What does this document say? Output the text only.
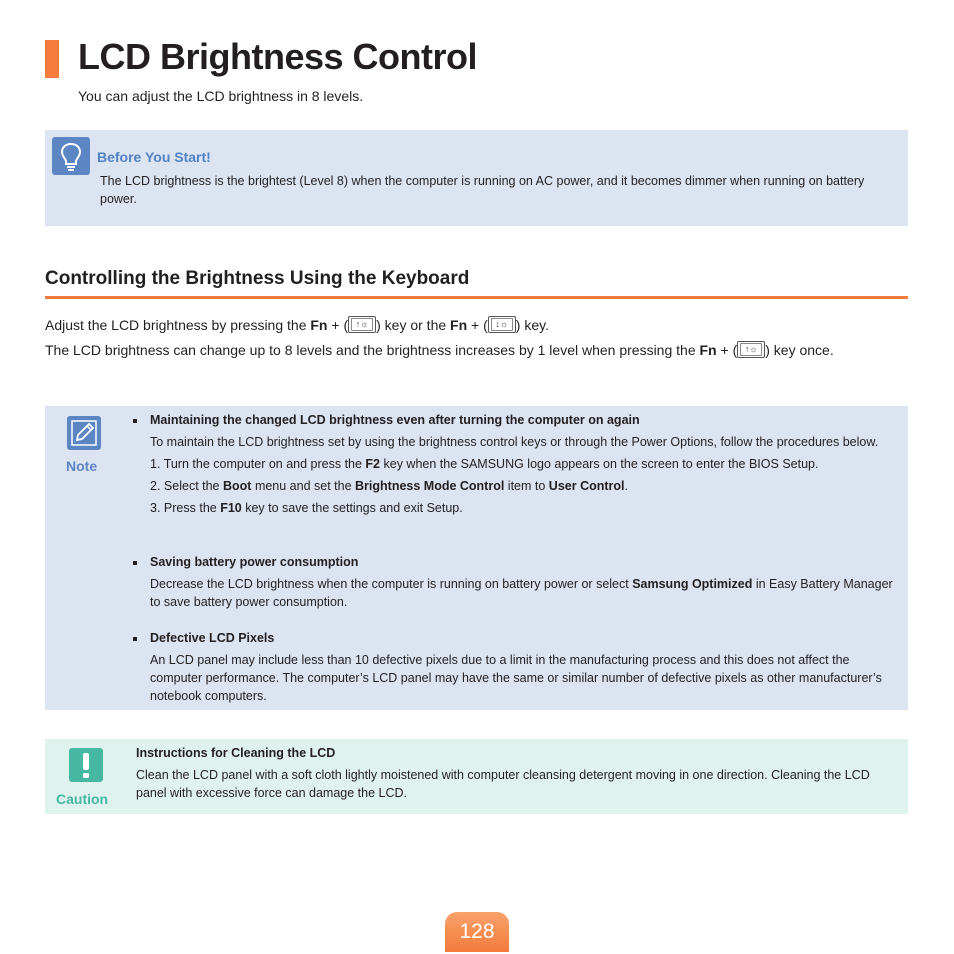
LCD Brightness Control
You can adjust the LCD brightness in 8 levels.
Before You Start!
The LCD brightness is the brightest (Level 8) when the computer is running on AC power, and it becomes dimmer when running on battery power.
Controlling the Brightness Using the Keyboard
Adjust the LCD brightness by pressing the Fn + ( ↑☼ ) key or the Fn + ( ↓☼ ) key.
The LCD brightness can change up to 8 levels and the brightness increases by 1 level when pressing the Fn + ( ↑☼ ) key once.
Note
Maintaining the changed LCD brightness even after turning the computer on again
To maintain the LCD brightness set by using the brightness control keys or through the Power Options, follow the procedures below.
1. Turn the computer on and press the F2 key when the SAMSUNG logo appears on the screen to enter the BIOS Setup.
2. Select the Boot menu and set the Brightness Mode Control item to User Control.
3. Press the F10 key to save the settings and exit Setup.
Saving battery power consumption
Decrease the LCD brightness when the computer is running on battery power or select Samsung Optimized in Easy Battery Manager to save battery power consumption.
Defective LCD Pixels
An LCD panel may include less than 10 defective pixels due to a limit in the manufacturing process and this does not affect the computer performance. The computer’s LCD panel may have the same or similar number of defective pixels as other manufacturer’s notebook computers.
Caution
Instructions for Cleaning the LCD
Clean the LCD panel with a soft cloth lightly moistened with computer cleansing detergent moving in one direction. Cleaning the LCD panel with excessive force can damage the LCD.
128
